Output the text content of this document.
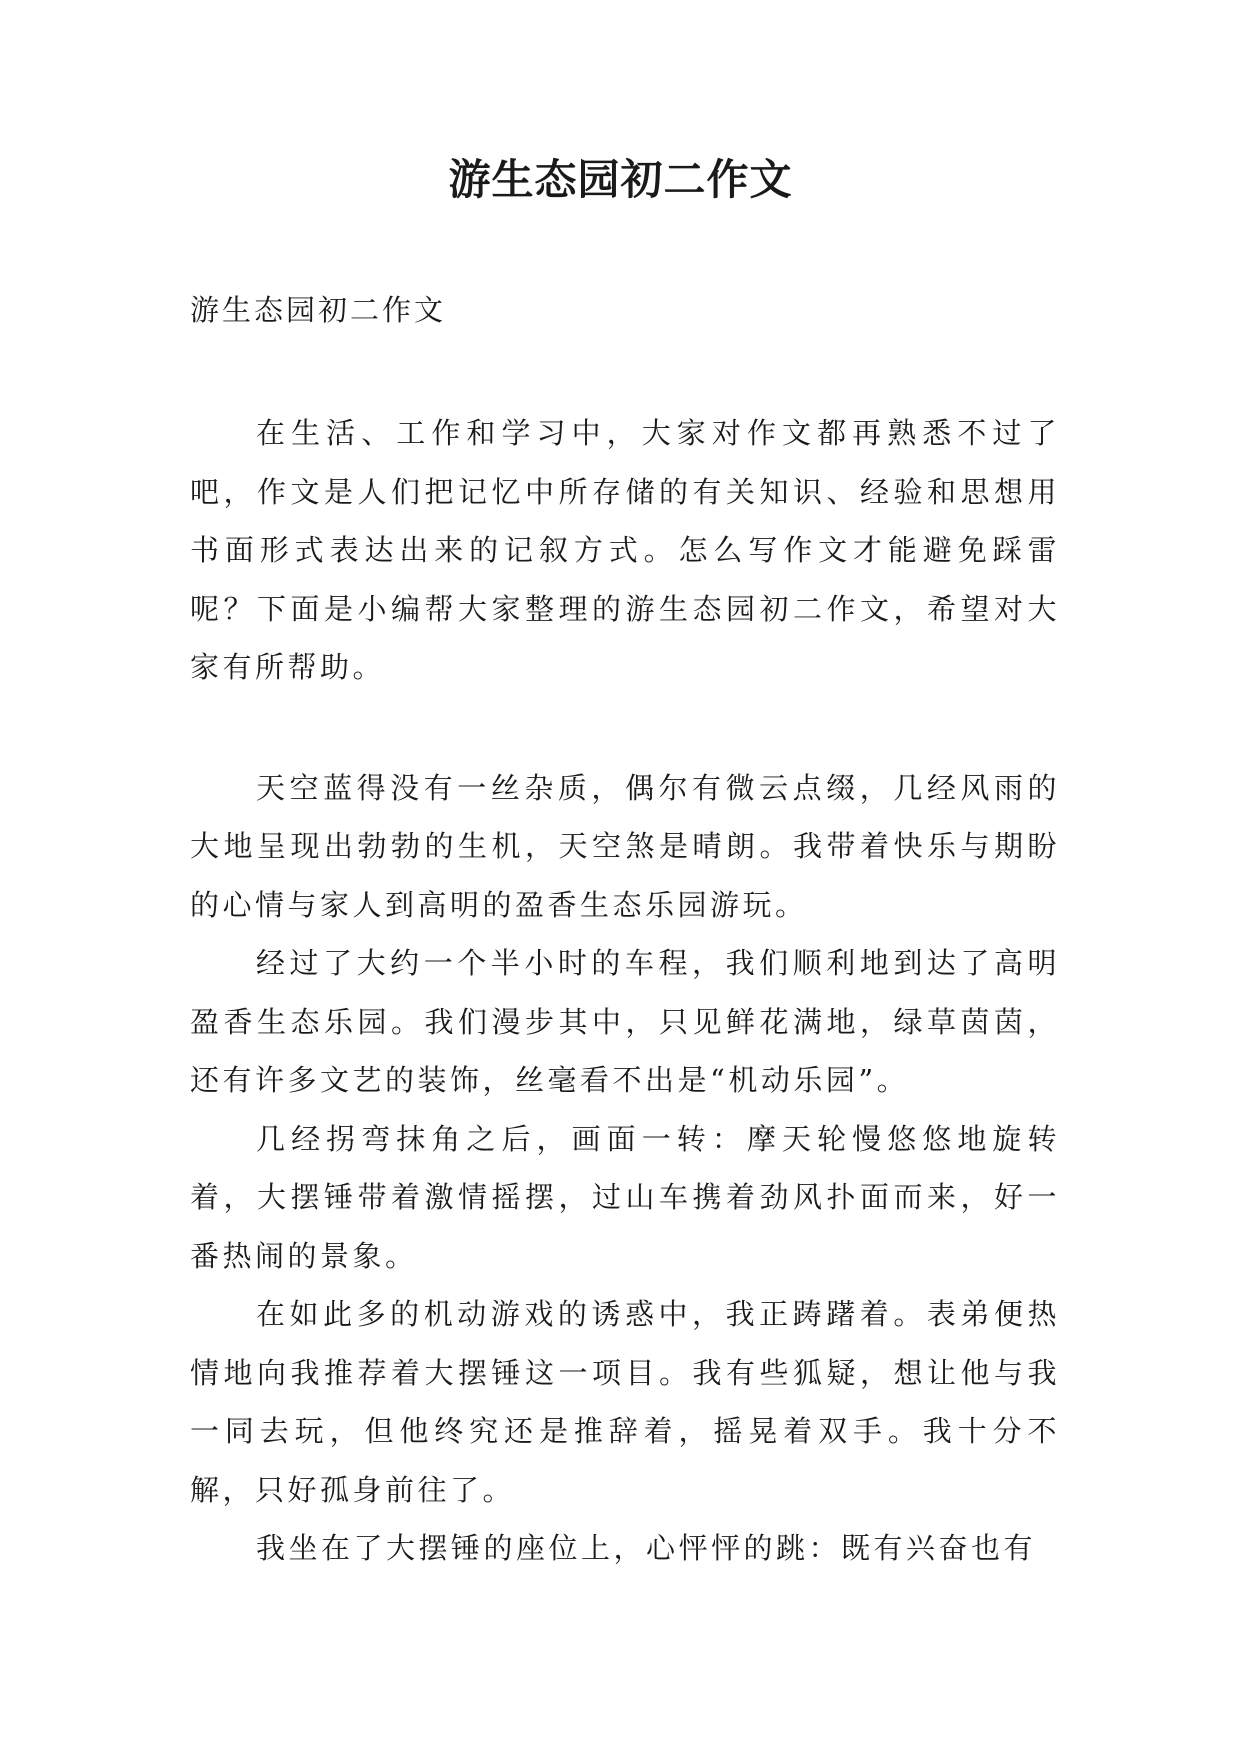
游生态园初二作文

游生态园初二作文

在生活、工作和学习中，大家对作文都再熟悉不过了吧，作文是人们把记忆中所存储的有关知识、经验和思想用书面形式表达出来的记叙方式。怎么写作文才能避免踩雷呢？下面是小编帮大家整理的游生态园初二作文，希望对大家有所帮助。

天空蓝得没有一丝杂质，偶尔有微云点缀，几经风雨的大地呈现出勃勃的生机，天空煞是晴朗。我带着快乐与期盼的心情与家人到高明的盈香生态乐园游玩。

经过了大约一个半小时的车程，我们顺利地到达了高明盈香生态乐园。我们漫步其中，只见鲜花满地，绿草茵茵，还有许多文艺的装饰，丝毫看不出是“机动乐园”。

几经拐弯抹角之后，画面一转：摩天轮慢悠悠地旋转着，大摆锤带着激情摇摆，过山车携着劲风扑面而来，好一番热闹的景象。

在如此多的机动游戏的诱惑中，我正踌躇着。表弟便热情地向我推荐着大摆锤这一项目。我有些狐疑，想让他与我一同去玩，但他终究还是推辞着，摇晃着双手。我十分不解，只好孤身前往了。

我坐在了大摆锤的座位上，心怦怦的跳：既有兴奋也有
